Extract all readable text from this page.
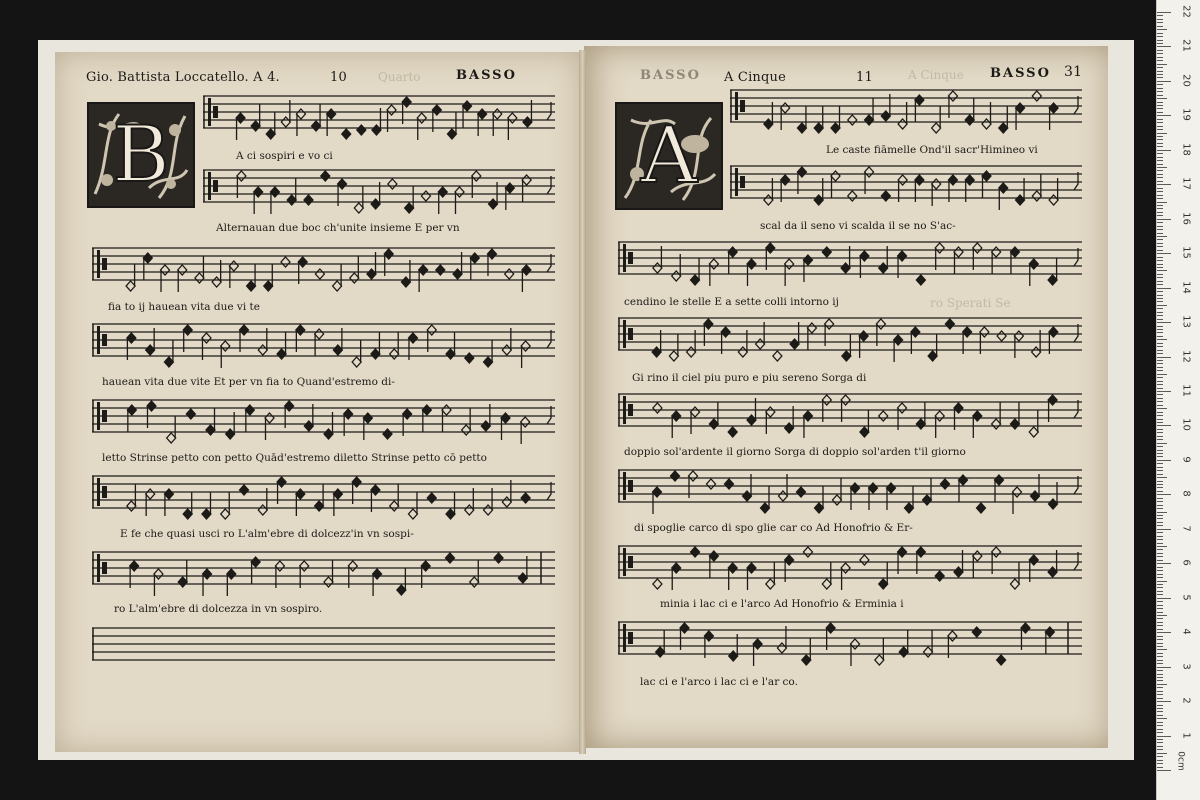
Gio. Battista Loccatello. A 4.	10	BASSO
Quarto	BASSO A Cinque	11	A Cinque BASSO 31
ro Sperati Se
B	A
A ci sospiri e vo ci
Alternauan due boc ch'unite insieme E per vn
fia to ij hauean vita due vi te
hauean vita due vite Et per vn fia to Quand'estremo di-
letto Strinse petto con petto Quād'estremo diletto Strinse petto cō petto
E fe che quasi usci ro L'alm'ebre di dolcezz'in vn sospi-
ro L'alm'ebre di dolcezza in vn sospiro.
Le caste fiāmelle Ond'il sacr'Himineo vi
scal da il seno vi scalda il se no S'ac-
cendino le stelle E a sette colli intorno ij
Gi rino il ciel piu puro e piu sereno Sorga di
doppio sol'ardente il giorno Sorga di doppio sol'arden t'il giorno
di spoglie carco di spo glie car co Ad Honofrio & Er-
minia i lac ci e l'arco Ad Honofrio & Erminia i
lac ci e l'arco i lac ci e l'ar co.
1
2
3
4
5
6
7
8
9
10
11
12
13
14
15
16
17
18
19
20
21
22
0cm
